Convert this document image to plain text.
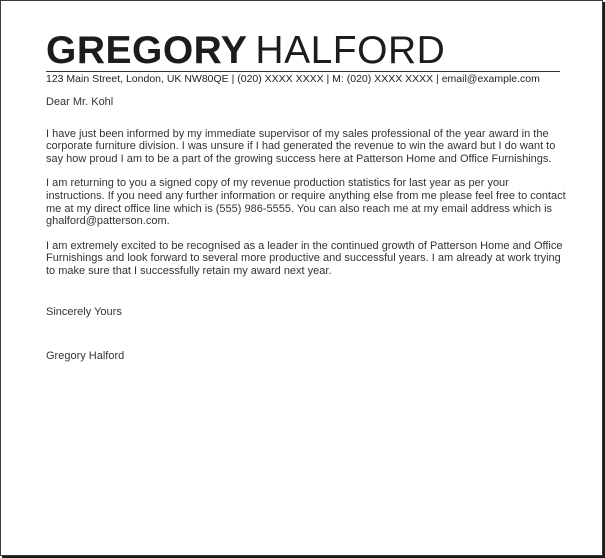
GREGORY HALFORD
123 Main Street, London, UK NW80QE | (020) XXXX XXXX | M: (020) XXXX XXXX | email@example.com

Dear Mr. Kohl

I have just been informed by my immediate supervisor of my sales professional of the year award in the corporate furniture division. I was unsure if I had generated the revenue to win the award but I do want to say how proud I am to be a part of the growing success here at Patterson Home and Office Furnishings.

I am returning to you a signed copy of my revenue production statistics for last year as per your instructions. If you need any further information or require anything else from me please feel free to contact me at my direct office line which is (555) 986-5555. You can also reach me at my email address which is ghalford@patterson.com.

I am extremely excited to be recognised as a leader in the continued growth of Patterson Home and Office Furnishings and look forward to several more productive and successful years. I am already at work trying to make sure that I successfully retain my award next year.

Sincerely Yours

Gregory Halford
